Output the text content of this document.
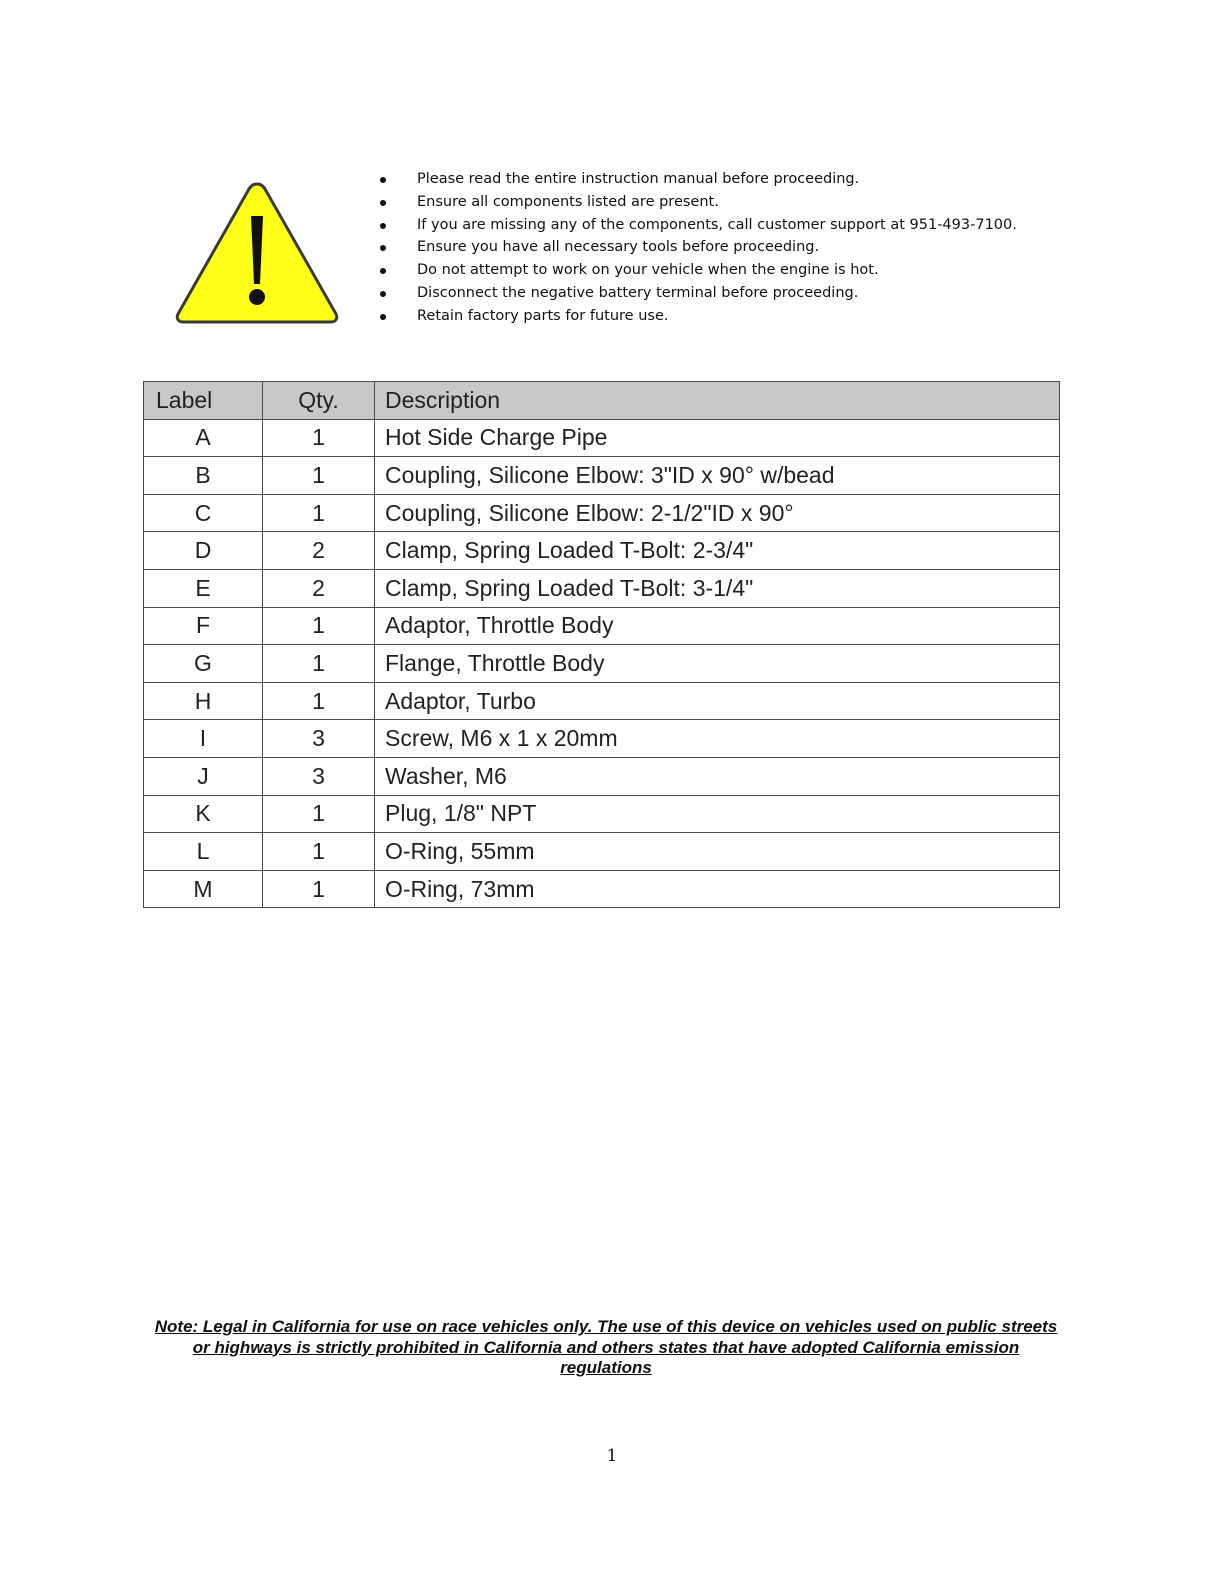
Please read the entire instruction manual before proceeding.
Ensure all components listed are present.
If you are missing any of the components, call customer support at 951-493-7100.
Ensure you have all necessary tools before proceeding.
Do not attempt to work on your vehicle when the engine is hot.
Disconnect the negative battery terminal before proceeding.
Retain factory parts for future use.
Label	Qty.	Description
A	1	Hot Side Charge Pipe
B	1	Coupling, Silicone Elbow: 3"ID x 90° w/bead
C	1	Coupling, Silicone Elbow: 2-1/2"ID x 90°
D	2	Clamp, Spring Loaded T-Bolt: 2-3/4"
E	2	Clamp, Spring Loaded T-Bolt: 3-1/4"
F	1	Adaptor, Throttle Body
G	1	Flange, Throttle Body
H	1	Adaptor, Turbo
I	3	Screw, M6 x 1 x 20mm
J	3	Washer, M6
K	1	Plug, 1/8" NPT
L	1	O-Ring, 55mm
M	1	O-Ring, 73mm
Note: Legal in California for use on race vehicles only. The use of this device on vehicles used on public streets or highways is strictly prohibited in California and others states that have adopted California emission regulations
1
